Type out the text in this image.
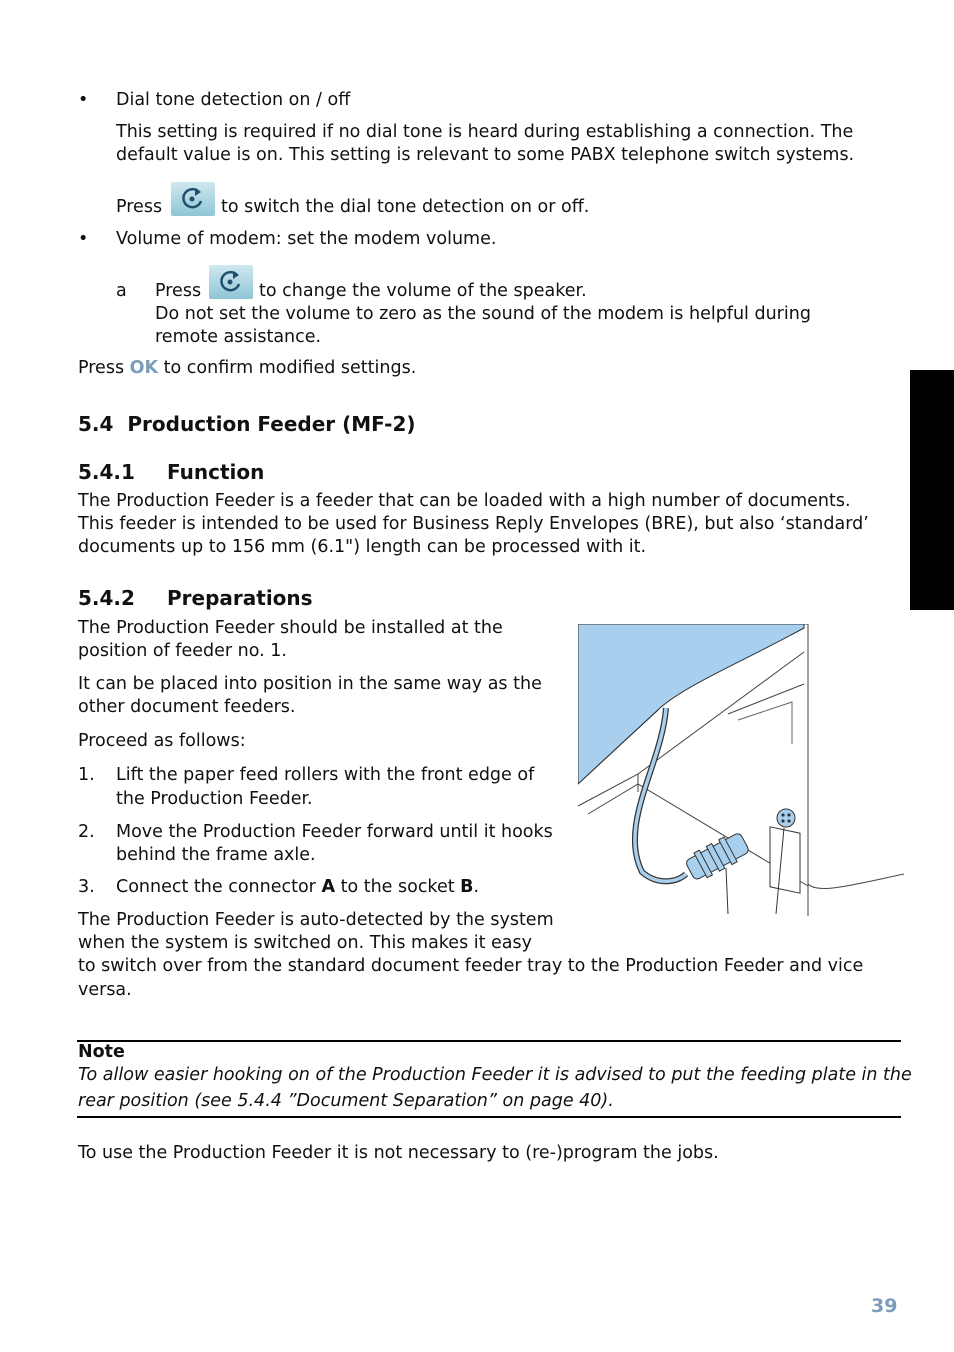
• Dial tone detection on / off
This setting is required if no dial tone is heard during establishing a connection. The
default value is on. This setting is relevant to some PABX telephone switch systems.
Press	to switch the dial tone detection on or off.
• Volume of modem: set the modem volume.
a Press	to change the volume of the speaker.
Do not set the volume to zero as the sound of the modem is helpful during
remote assistance.
Press OK to confirm modified settings.
5.4 Production Feeder (MF-2)
5.4.1 Function
The Production Feeder is a feeder that can be loaded with a high number of documents.
This feeder is intended to be used for Business Reply Envelopes (BRE), but also ‘standard’
documents up to 156 mm (6.1") length can be processed with it.
5.4.2 Preparations
The Production Feeder should be installed at the
position of feeder no. 1.
It can be placed into position in the same way as the
other document feeders.
Proceed as follows:
1. Lift the paper feed rollers with the front edge of
the Production Feeder.
2. Move the Production Feeder forward until it hooks
behind the frame axle.
3. Connect the connector A to the socket B.
The Production Feeder is auto-detected by the system
when the system is switched on. This makes it easy
to switch over from the standard document feeder tray to the Production Feeder and vice
versa.
Note
To allow easier hooking on of the Production Feeder it is advised to put the feeding plate in the
rear position (see 5.4.4 ”Document Separation” on page 40).
To use the Production Feeder it is not necessary to (re-)program the jobs.
39
